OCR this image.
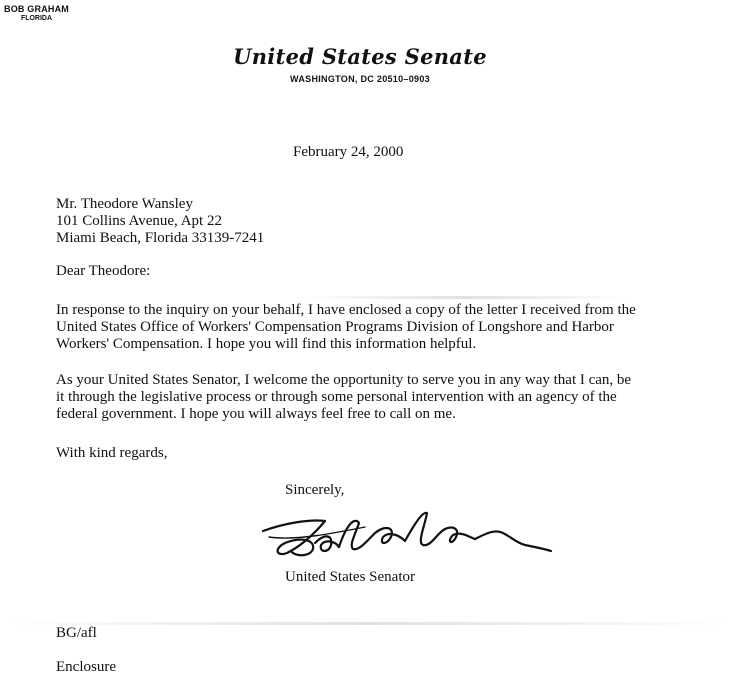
BOB GRAHAM
FLORIDA
United States Senate
WASHINGTON, DC 20510–0903
February 24, 2000
Mr. Theodore Wansley
101 Collins Avenue, Apt 22
Miami Beach, Florida 33139-7241
Dear Theodore:
In response to the inquiry on your behalf, I have enclosed a copy of the letter I received from the
United States Office of Workers' Compensation Programs Division of Longshore and Harbor
Workers' Compensation. I hope you will find this information helpful.
As your United States Senator, I welcome the opportunity to serve you in any way that I can, be
it through the legislative process or through some personal intervention with an agency of the
federal government. I hope you will always feel free to call on me.
With kind regards,
Sincerely,
United States Senator
BG/afl
Enclosure
